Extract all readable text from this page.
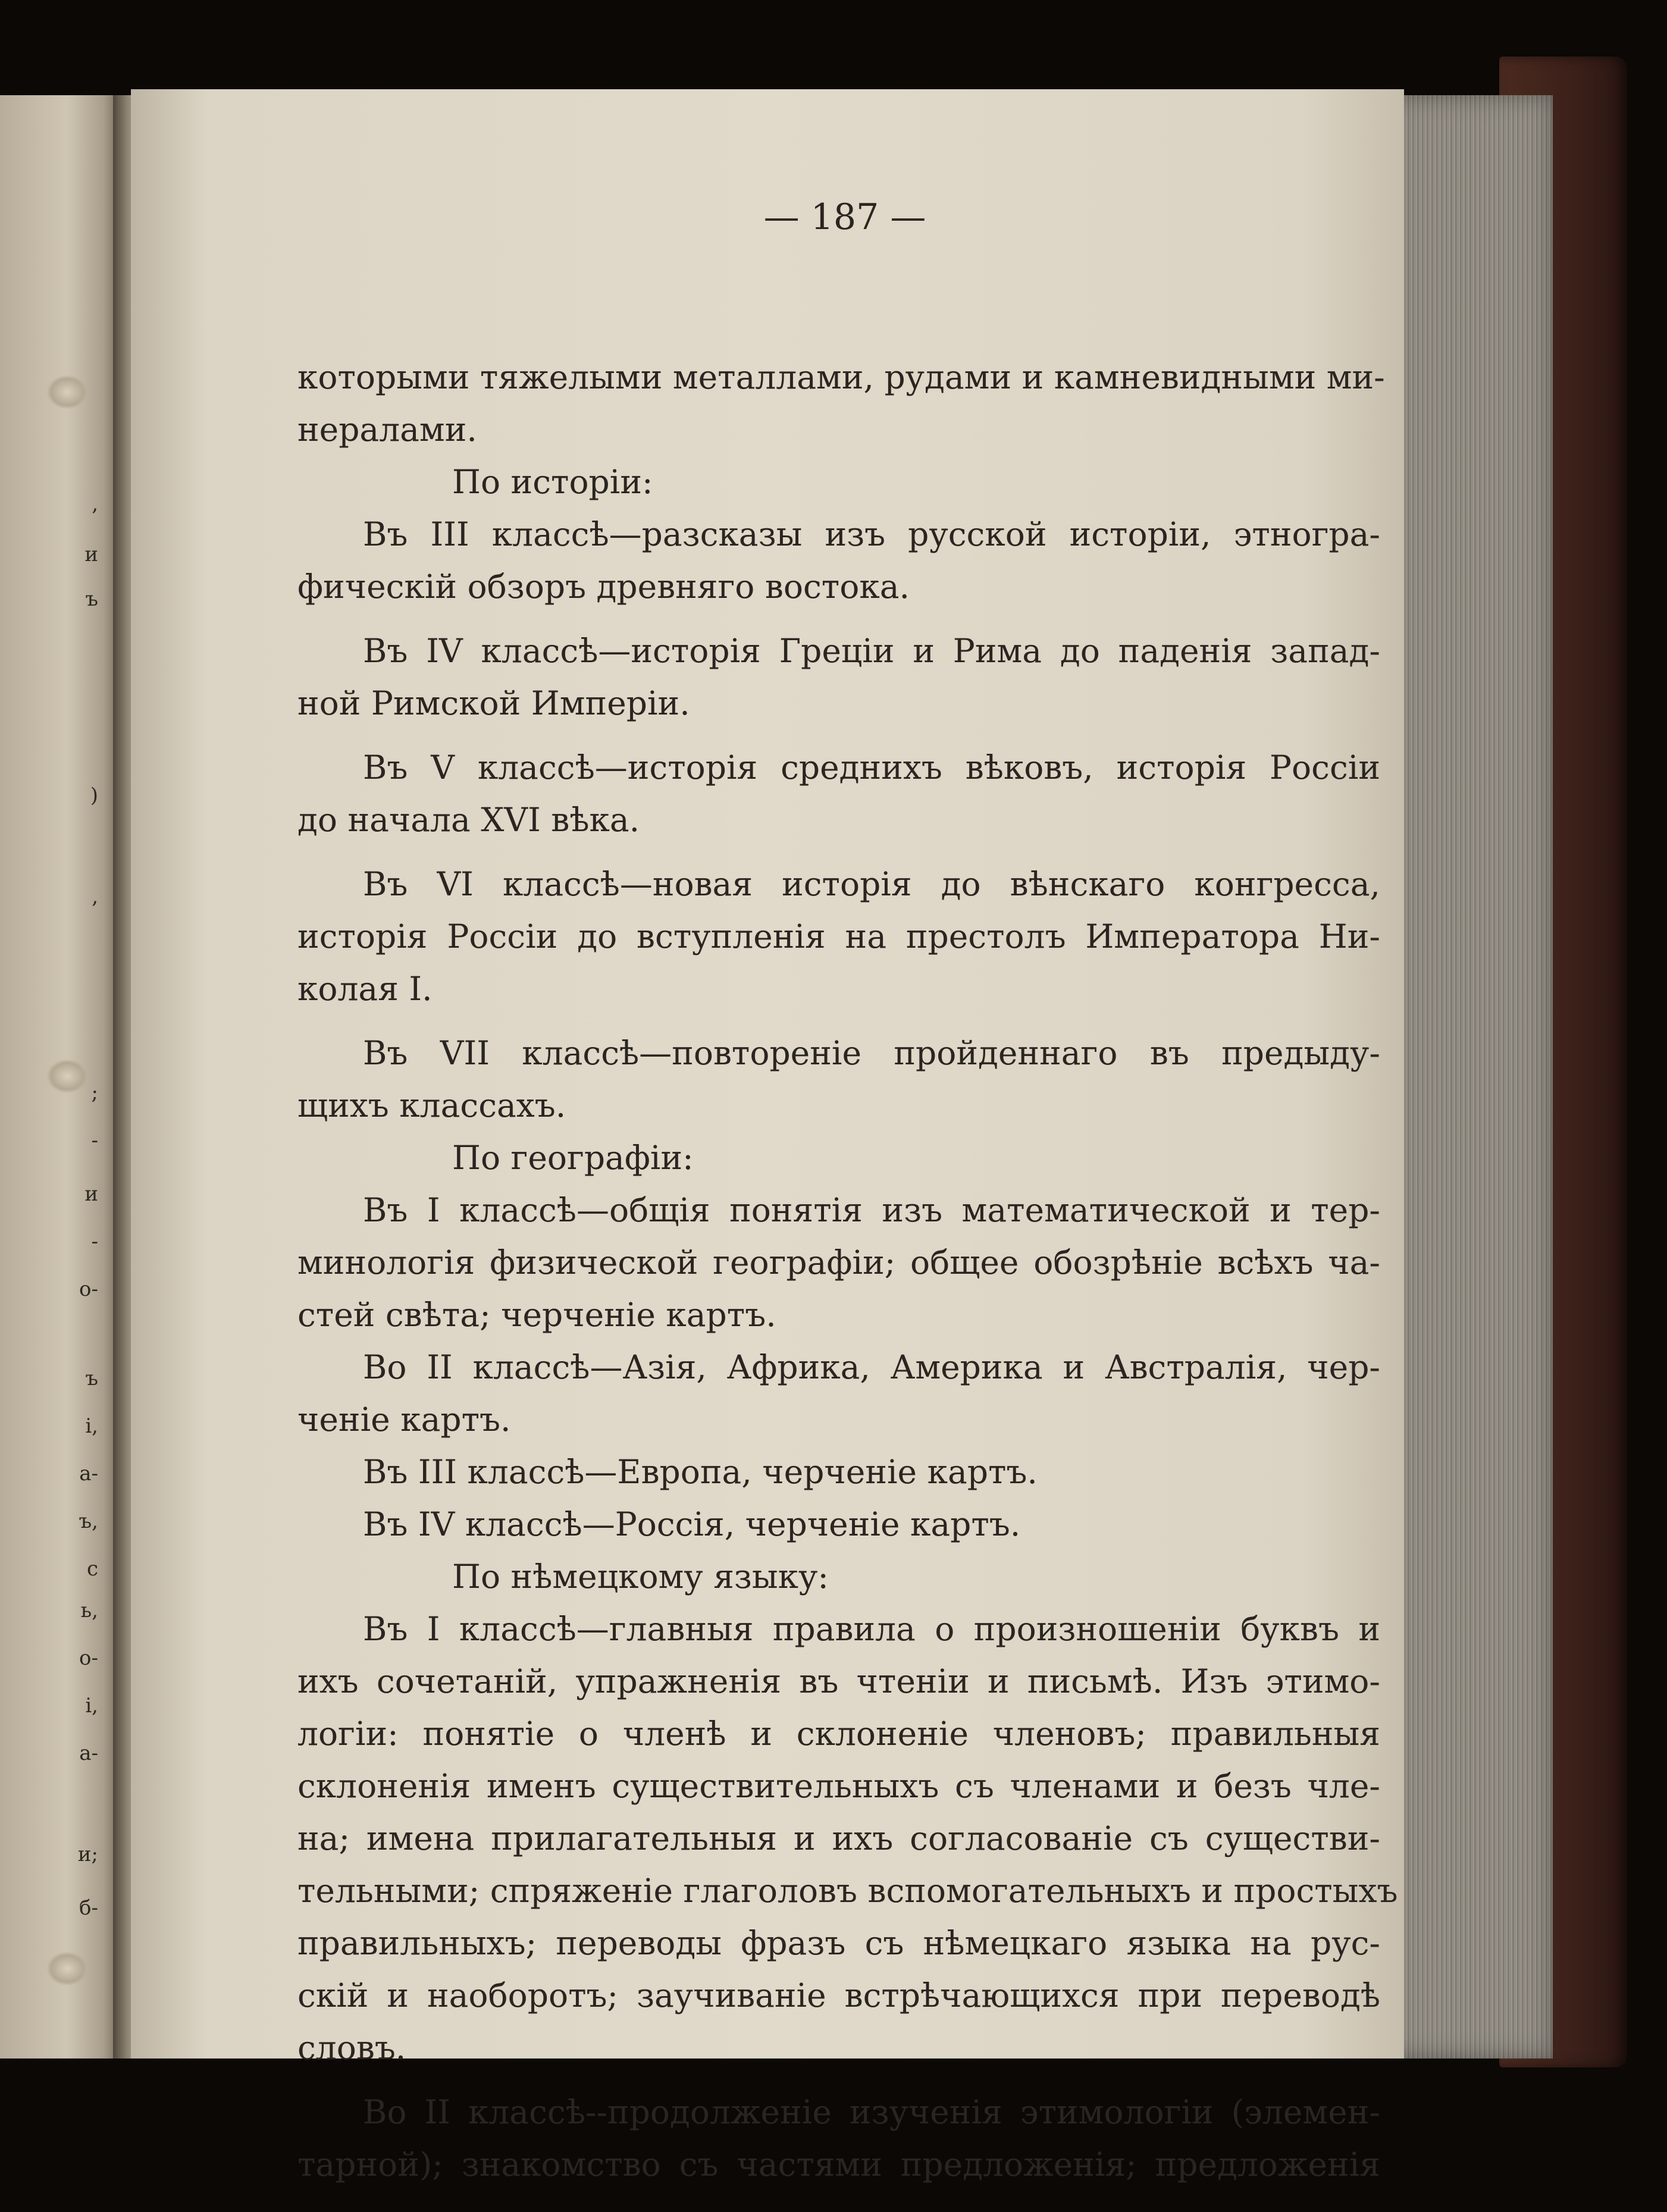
,
и
ъ
)
,
;
-
и
-
о-
ъ
і,
а-
ъ,
с
ь,
о-
і,
а-
и;
б-
— 187 —
которыми тяжелыми металлами, рудами и камневидными ми-
нералами.
По исторіи:
Въ III классѣ—разсказы изъ русской исторіи, этногра-
фическій обзоръ древняго востока.
Въ IV классѣ—исторія Греціи и Рима до паденія запад-
ной Римской Имперіи.
Въ V классѣ—исторія среднихъ вѣковъ, исторія Россіи
до начала XVI вѣка.
Въ VI классѣ—новая исторія до вѣнскаго конгресса,
исторія Россіи до вступленія на престолъ Императора Ни-
колая I.
Въ VII классѣ—повтореніе пройденнаго въ предыду-
щихъ классахъ.
По географіи:
Въ I классѣ—общія понятія изъ математической и тер-
минологія физической географіи; общее обозрѣніе всѣхъ ча-
стей свѣта; черченіе картъ.
Во II классѣ—Азія, Африка, Америка и Австралія, чер-
ченіе картъ.
Въ III классѣ—Европа, черченіе картъ.
Въ IV классѣ—Россія, черченіе картъ.
По нѣмецкому языку:
Въ I классѣ—главныя правила о произношеніи буквъ и
ихъ сочетаній, упражненія въ чтеніи и письмѣ. Изъ этимо-
логіи: понятіе о членѣ и склоненіе членовъ; правильныя
склоненія именъ существительныхъ съ членами и безъ чле-
на; имена прилагательныя и ихъ согласованіе съ существи-
тельными; спряженіе глаголовъ вспомогательныхъ и простыхъ
правильныхъ; переводы фразъ съ нѣмецкаго языка на рус-
скій и наоборотъ; заучиваніе встрѣчающихся при переводѣ
словъ.
Во II классѣ--продолженіе изученія этимологіи (элемен-
тарной); знакомство съ частями предложенія; предложенія
